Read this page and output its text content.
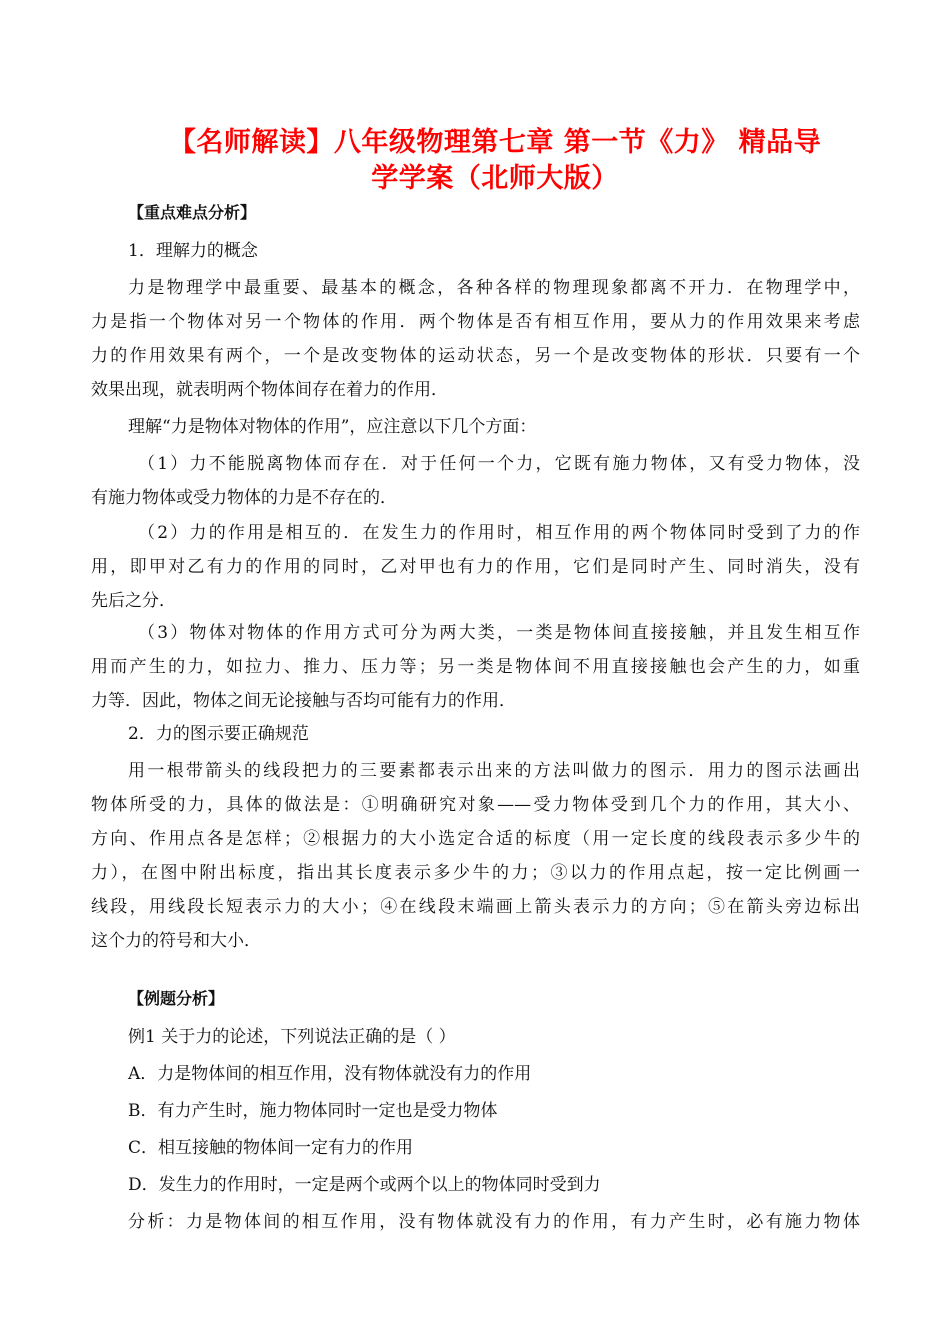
【名师解读】八年级物理第七章 第一节《力》 精品导
学学案（北师大版）
【重点难点分析】

1．理解力的概念

力是物理学中最重要、最基本的概念，各种各样的物理现象都离不开力．在物理学中，

力是指一个物体对另一个物体的作用．两个物体是否有相互作用，要从力的作用效果来考虑

力的作用效果有两个，一个是改变物体的运动状态，另一个是改变物体的形状．只要有一个

效果出现，就表明两个物体间存在着力的作用．

理解“力是物体对物体的作用”，应注意以下几个方面：

（1）力不能脱离物体而存在．对于任何一个力，它既有施力物体，又有受力物体，没

有施力物体或受力物体的力是不存在的．

（2）力的作用是相互的．在发生力的作用时，相互作用的两个物体同时受到了力的作

用，即甲对乙有力的作用的同时，乙对甲也有力的作用，它们是同时产生、同时消失，没有

先后之分．

（3）物体对物体的作用方式可分为两大类，一类是物体间直接接触，并且发生相互作

用而产生的力，如拉力、推力、压力等；另一类是物体间不用直接接触也会产生的力，如重

力等．因此，物体之间无论接触与否均可能有力的作用．

2．力的图示要正确规范

用一根带箭头的线段把力的三要素都表示出来的方法叫做力的图示．用力的图示法画出

物体所受的力，具体的做法是：①明确研究对象——受力物体受到几个力的作用，其大小、

方向、作用点各是怎样；②根据力的大小选定合适的标度（用一定长度的线段表示多少牛的

力），在图中附出标度，指出其长度表示多少牛的力；③以力的作用点起，按一定比例画一

线段，用线段长短表示力的大小；④在线段末端画上箭头表示力的方向；⑤在箭头旁边标出

这个力的符号和大小．

【例题分析】

例1 关于力的论述，下列说法正确的是（ ）

A．力是物体间的相互作用，没有物体就没有力的作用

B．有力产生时，施力物体同时一定也是受力物体

C．相互接触的物体间一定有力的作用

D．发生力的作用时，一定是两个或两个以上的物体同时受到力

分析：力是物体间的相互作用，没有物体就没有力的作用，有力产生时，必有施力物体
